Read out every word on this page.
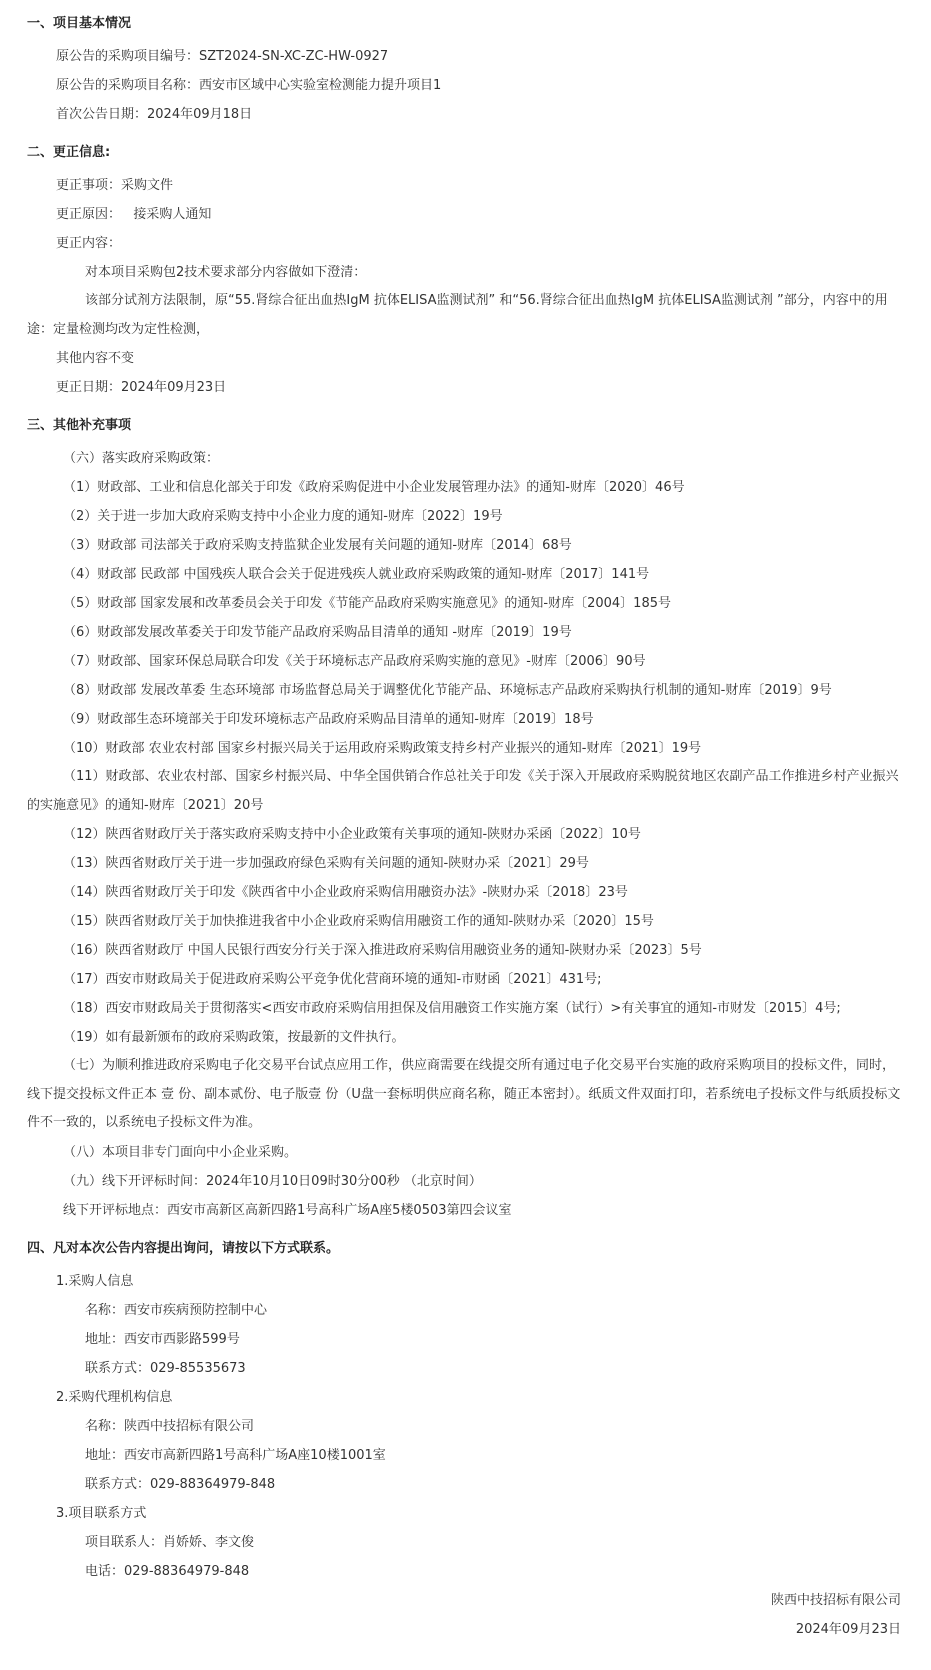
一、项目基本情况
原公告的采购项目编号：SZT2024-SN-XC-ZC-HW-0927
原公告的采购项目名称：西安市区域中心实验室检测能力提升项目1
首次公告日期：2024年09月18日
二、更正信息:
更正事项：采购文件
更正原因：   接采购人通知
更正内容：
对本项目采购包2技术要求部分内容做如下澄清：
该部分试剂方法限制，原“55.肾综合征出血热IgM 抗体ELISA监测试剂” 和“56.肾综合征出血热IgM 抗体ELISA监测试剂 ”部分，内容中的用途：定量检测均改为定性检测，
其他内容不变
更正日期：2024年09月23日
三、其他补充事项
（六）落实政府采购政策：
（1）财政部、工业和信息化部关于印发《政府采购促进中小企业发展管理办法》的通知-财库〔2020〕46号
（2）关于进一步加大政府采购支持中小企业力度的通知-财库〔2022〕19号
（3）财政部 司法部关于政府采购支持监狱企业发展有关问题的通知-财库〔2014〕68号
（4）财政部 民政部 中国残疾人联合会关于促进残疾人就业政府采购政策的通知-财库〔2017〕141号
（5）财政部 国家发展和改革委员会关于印发《节能产品政府采购实施意见》的通知-财库〔2004〕185号
（6）财政部发展改革委关于印发节能产品政府采购品目清单的通知 -财库〔2019〕19号
（7）财政部、国家环保总局联合印发《关于环境标志产品政府采购实施的意见》-财库〔2006〕90号
（8）财政部 发展改革委 生态环境部 市场监督总局关于调整优化节能产品、环境标志产品政府采购执行机制的通知-财库〔2019〕9号
（9）财政部生态环境部关于印发环境标志产品政府采购品目清单的通知-财库〔2019〕18号
（10）财政部 农业农村部 国家乡村振兴局关于运用政府采购政策支持乡村产业振兴的通知-财库〔2021〕19号
（11）财政部、农业农村部、国家乡村振兴局、中华全国供销合作总社关于印发《关于深入开展政府采购脱贫地区农副产品工作推进乡村产业振兴的实施意见》的通知-财库〔2021〕20号
（12）陕西省财政厅关于落实政府采购支持中小企业政策有关事项的通知-陕财办采函〔2022〕10号
（13）陕西省财政厅关于进一步加强政府绿色采购有关问题的通知-陕财办采〔2021〕29号
（14）陕西省财政厅关于印发《陕西省中小企业政府采购信用融资办法》-陕财办采〔2018〕23号
（15）陕西省财政厅关于加快推进我省中小企业政府采购信用融资工作的通知-陕财办采〔2020〕15号
（16）陕西省财政厅 中国人民银行西安分行关于深入推进政府采购信用融资业务的通知-陕财办采〔2023〕5号
（17）西安市财政局关于促进政府采购公平竞争优化营商环境的通知-市财函〔2021〕431号;
（18）西安市财政局关于贯彻落实<西安市政府采购信用担保及信用融资工作实施方案（试行）>有关事宜的通知-市财发〔2015〕4号;
（19）如有最新颁布的政府采购政策，按最新的文件执行。
（七）为顺利推进政府采购电子化交易平台试点应用工作，供应商需要在线提交所有通过电子化交易平台实施的政府采购项目的投标文件，同时，线下提交投标文件正本 壹 份、副本贰份、电子版壹 份（U盘一套标明供应商名称，随正本密封）。纸质文件双面打印，若系统电子投标文件与纸质投标文件不一致的，以系统电子投标文件为准。
（八）本项目非专门面向中小企业采购。
（九）线下开评标时间：2024年10月10日09时30分00秒 （北京时间）
线下开评标地点：西安市高新区高新四路1号高科广场A座5楼0503第四会议室
四、凡对本次公告内容提出询问，请按以下方式联系。
1.采购人信息
名称：西安市疾病预防控制中心
地址：西安市西影路599号
联系方式：029-85535673
2.采购代理机构信息
名称：陕西中技招标有限公司
地址：西安市高新四路1号高科广场A座10楼1001室
联系方式：029-88364979-848
3.项目联系方式
项目联系人：肖娇娇、李文俊
电话：029-88364979-848
陕西中技招标有限公司
2024年09月23日
